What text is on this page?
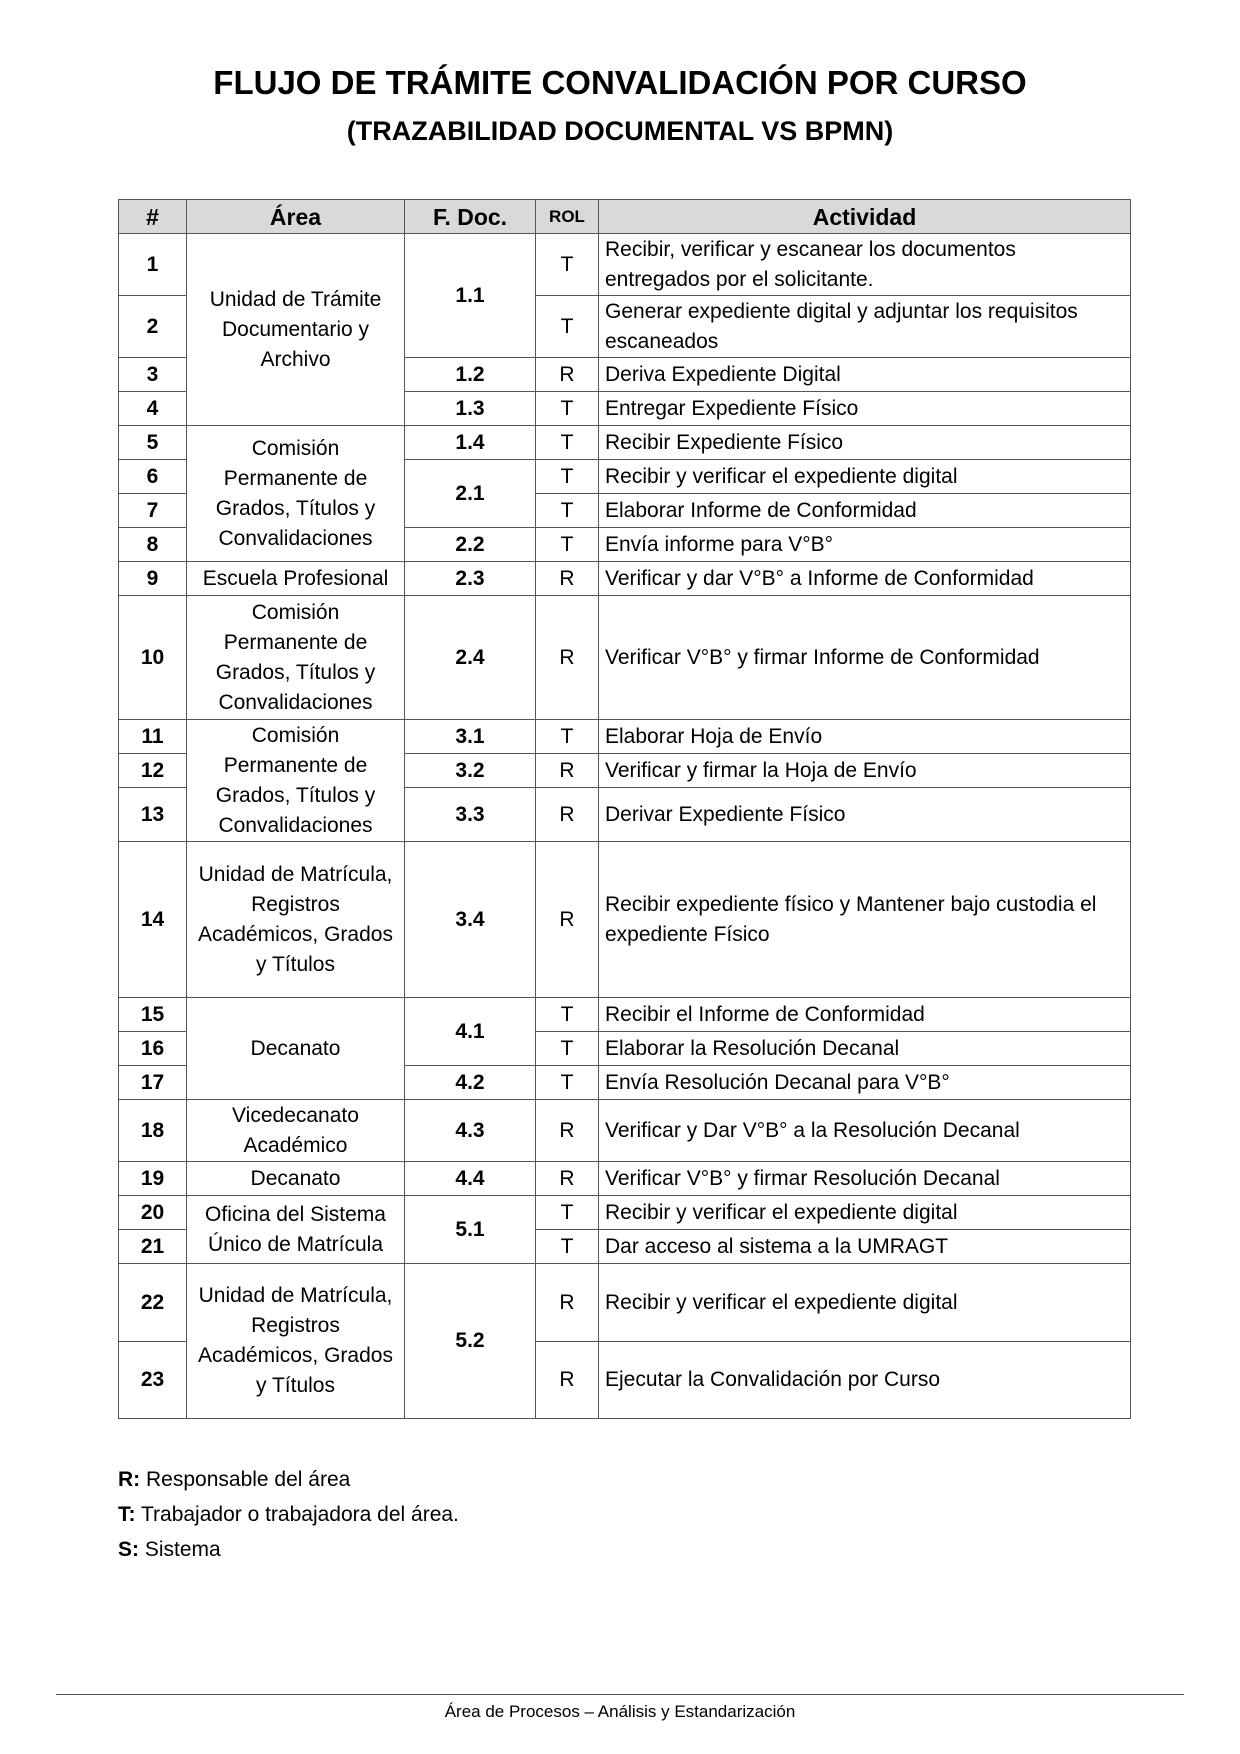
FLUJO DE TRÁMITE CONVALIDACIÓN POR CURSO
(TRAZABILIDAD DOCUMENTAL VS BPMN)
#	Área	F. Doc.	ROL	Actividad
1	Unidad de Trámite Documentario y Archivo	1.1	T	Recibir, verificar y escanear los documentos entregados por el solicitante.
2			T	Generar expediente digital y adjuntar los requisitos escaneados
3		1.2	R	Deriva Expediente Digital
4		1.3	T	Entregar Expediente Físico
5	Comisión Permanente de Grados, Títulos y Convalidaciones	1.4	T	Recibir Expediente Físico
6		2.1	T	Recibir y verificar el expediente digital
7			T	Elaborar Informe de Conformidad
8		2.2	T	Envía informe para V°B°
9	Escuela Profesional	2.3	R	Verificar y dar V°B° a Informe de Conformidad
10	Comisión Permanente de Grados, Títulos y Convalidaciones	2.4	R	Verificar V°B° y firmar Informe de Conformidad
11	Comisión Permanente de Grados, Títulos y Convalidaciones	3.1	T	Elaborar Hoja de Envío
12		3.2	R	Verificar y firmar la Hoja de Envío
13		3.3	R	Derivar Expediente Físico
14	Unidad de Matrícula, Registros Académicos, Grados y Títulos	3.4	R	Recibir expediente físico y Mantener bajo custodia el expediente Físico
15	Decanato	4.1	T	Recibir el Informe de Conformidad
16			T	Elaborar la Resolución Decanal
17		4.2	T	Envía Resolución Decanal para V°B°
18	Vicedecanato Académico	4.3	R	Verificar y Dar V°B° a la Resolución Decanal
19	Decanato	4.4	R	Verificar V°B° y firmar Resolución Decanal
20	Oficina del Sistema Único de Matrícula	5.1	T	Recibir y verificar el expediente digital
21			T	Dar acceso al sistema a la UMRAGT
22	Unidad de Matrícula, Registros Académicos, Grados y Títulos	5.2	R	Recibir y verificar el expediente digital
23			R	Ejecutar la Convalidación por Curso
R: Responsable del área
T: Trabajador o trabajadora del área.
S: Sistema
Área de Procesos – Análisis y Estandarización
